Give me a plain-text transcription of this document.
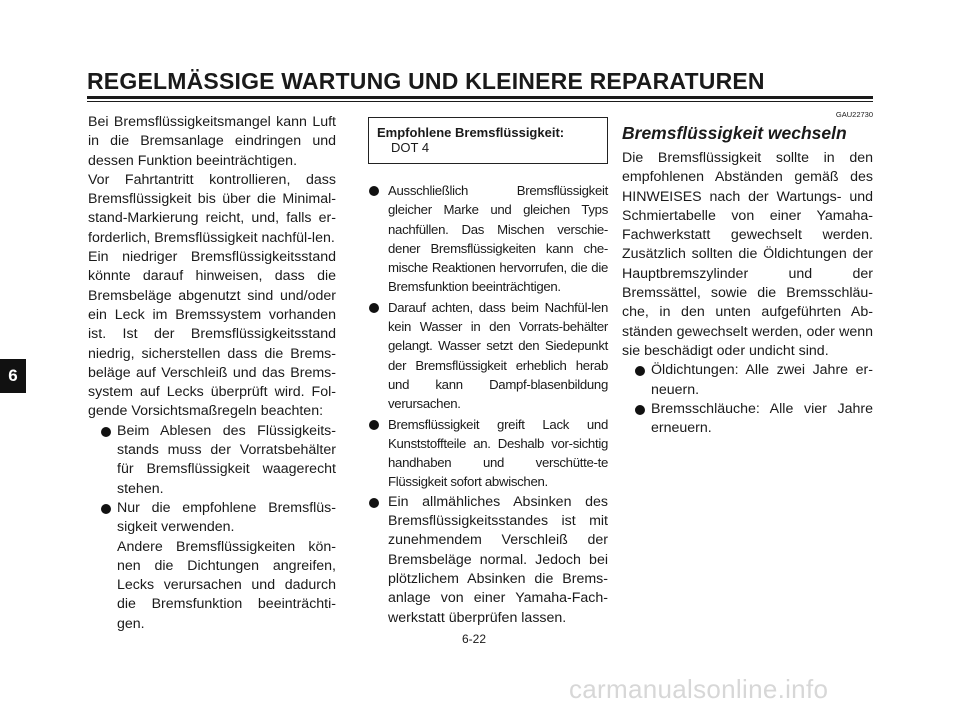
REGELMÄSSIGE WARTUNG UND KLEINERE REPARATUREN
6

Bei Bremsflüssigkeitsmangel kann Luft in die Bremsanlage eindringen und dessen Funktion beeinträchtigen.

Vor Fahrtantritt kontrollieren, dass Bremsflüssigkeit bis über die Minimal-stand-Markierung reicht, und, falls er-forderlich, Bremsflüssigkeit nachfül-len.

Ein niedriger Bremsflüssigkeitsstand könnte darauf hinweisen, dass die Bremsbeläge abgenutzt sind und/oder ein Leck im Bremssystem vorhanden ist. Ist der Bremsflüssigkeitsstand niedrig, sicherstellen dass die Brems-beläge auf Verschleiß und das Brems-system auf Lecks überprüft wird. Fol-gende Vorsichtsmaßregeln beachten:

Beim Ablesen des Flüssigkeits-stands muss der Vorratsbehälter für Bremsflüssigkeit waagerecht stehen.
Nur die empfohlene Bremsflüs-sigkeit verwenden.
Andere Bremsflüssigkeiten kön-nen die Dichtungen angreifen, Lecks verursachen und dadurch die Bremsfunktion beeinträchti-gen.
Empfohlene Bremsflüssigkeit:
DOT 4
Ausschließlich Bremsflüssigkeit gleicher Marke und gleichen Typs nachfüllen. Das Mischen verschie-dener Bremsflüssigkeiten kann che-mische Reaktionen hervorrufen, die die Bremsfunktion beeinträchtigen.
Darauf achten, dass beim Nachfül-len kein Wasser in den Vorrats-behälter gelangt. Wasser setzt den Siedepunkt der Bremsflüssigkeit erheblich herab und kann Dampf-blasenbildung verursachen.
Bremsflüssigkeit greift Lack und Kunststoffteile an. Deshalb vor-sichtig handhaben und verschütte-te Flüssigkeit sofort abwischen.
Ein allmähliches Absinken des Bremsflüssigkeitsstandes ist mit zunehmendem Verschleiß der Bremsbeläge normal. Jedoch bei plötzlichem Absinken die Brems-anlage von einer Yamaha-Fach-werkstatt überprüfen lassen.
GAU22730
Bremsflüssigkeit wechseln

Die Bremsflüssigkeit sollte in den empfohlenen Abständen gemäß des HINWEISES nach der Wartungs- und Schmiertabelle von einer Yamaha-Fachwerkstatt gewechselt werden. Zusätzlich sollten die Öldichtungen der Hauptbremszylinder und der Bremssättel, sowie die Bremsschläu-che, in den unten aufgeführten Ab-ständen gewechselt werden, oder wenn sie beschädigt oder undicht sind.

Öldichtungen: Alle zwei Jahre er-neuern.
Bremsschläuche: Alle vier Jahre erneuern.
6-22
carmanualsonline.info
